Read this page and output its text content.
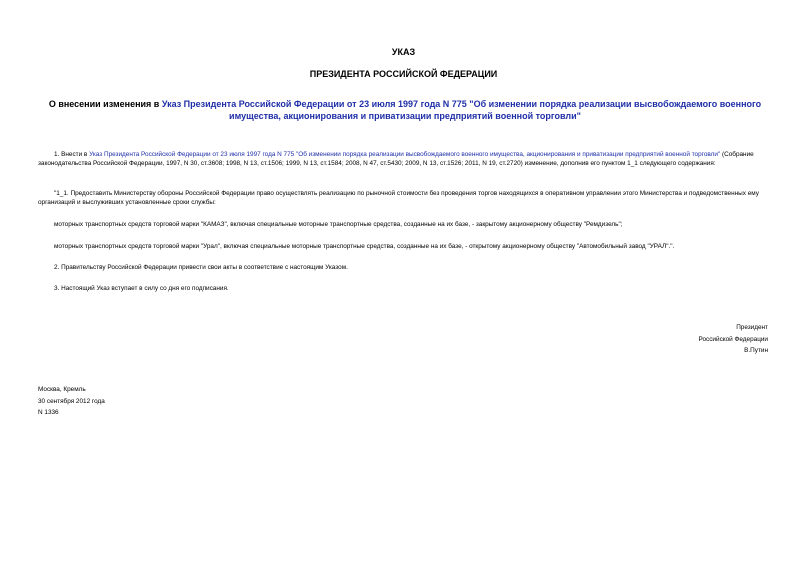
УКАЗ
ПРЕЗИДЕНТА РОССИЙСКОЙ ФЕДЕРАЦИИ
О внесении изменения в Указ Президента Российской Федерации от 23 июля 1997 года N 775 "Об изменении порядка реализации высвобождаемого военного имущества, акционирования и приватизации предприятий военной торговли"
1. Внести в Указ Президента Российской Федерации от 23 июля 1997 года N 775 "Об изменении порядка реализации высвобождаемого военного имущества, акционирования и приватизации предприятий военной торговли" (Собрание законодательства Российской Федерации, 1997, N 30, ст.3608; 1998, N 13, ст.1506; 1999, N 13, ст.1584; 2008, N 47, ст.5430; 2009, N 13, ст.1526; 2011, N 19, ст.2720) изменение, дополнив его пунктом 1_1 следующего содержания:
"1_1. Предоставить Министерству обороны Российской Федерации право осуществлять реализацию по рыночной стоимости без проведения торгов находящихся в оперативном управлении этого Министерства и подведомственных ему организаций и выслуживших установленные сроки службы:
моторных транспортных средств торговой марки "КАМАЗ", включая специальные моторные транспортные средства, созданные на их базе, - закрытому акционерному обществу "Ремдизель";
моторных транспортных средств торговой марки "Урал", включая специальные моторные транспортные средства, созданные на их базе, - открытому акционерному обществу "Автомобильный завод "УРАЛ".".
2. Правительству Российской Федерации привести свои акты в соответствие с настоящим Указом.
3. Настоящий Указ вступает в силу со дня его подписания.
Президент
Российской Федерации
В.Путин
Москва, Кремль
30 сентября 2012 года
N 1336
